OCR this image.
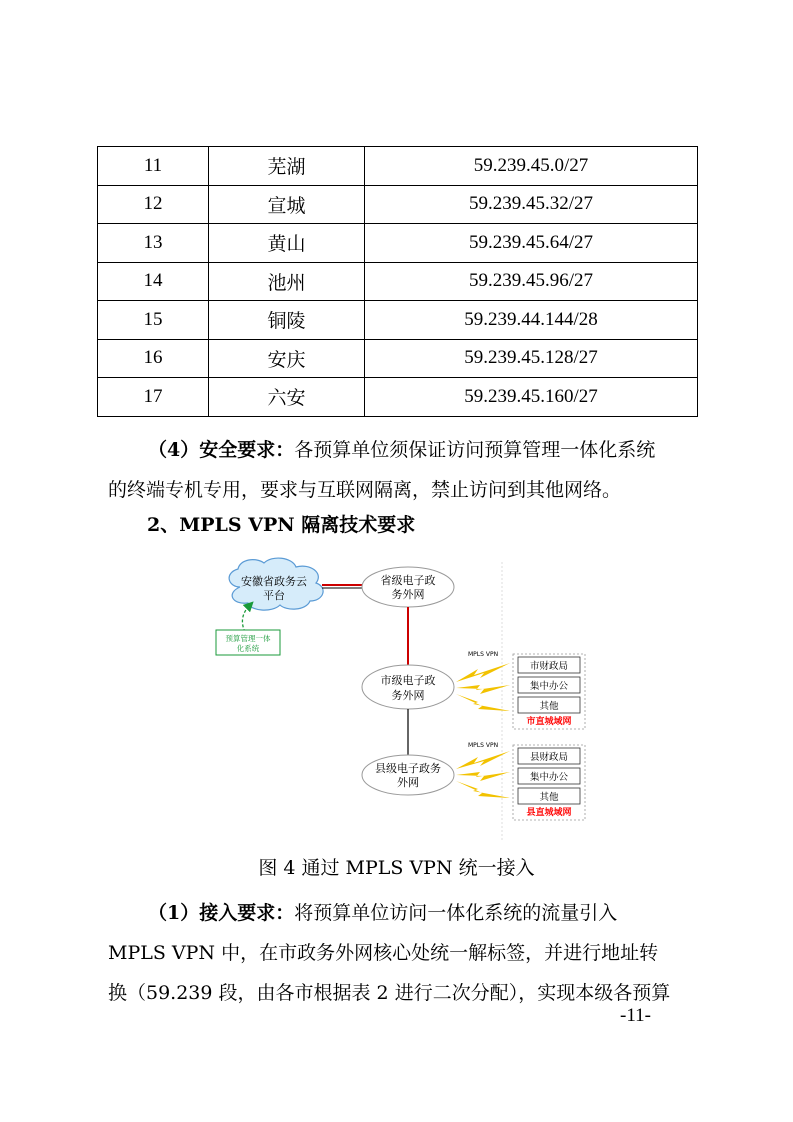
11	芜湖	59.239.45.0/27
12	宣城	59.239.45.32/27
13	黄山	59.239.45.64/27
14	池州	59.239.45.96/27
15	铜陵	59.239.44.144/28
16	安庆	59.239.45.128/27
17	六安	59.239.45.160/27
（4）安全要求：各预算单位须保证访问预算管理一体化系统
的终端专机专用，要求与互联网隔离，禁止访问到其他网络。
2、MPLS VPN 隔离技术要求
安徽省政务云
平台
省级电子政
务外网
预算管理一体
化系统
市级电子政
务外网
县级电子政务
外网
MPLS VPN
MPLS VPN
市财政局
集中办公
其他
市直城域网
县财政局
集中办公
其他
县直城域网
图 4 通过 MPLS VPN 统一接入
（1）接入要求：将预算单位访问一体化系统的流量引入
MPLS VPN 中，在市政务外网核心处统一解标签，并进行地址转
换（59.239 段，由各市根据表 2 进行二次分配），实现本级各预算
-11-
